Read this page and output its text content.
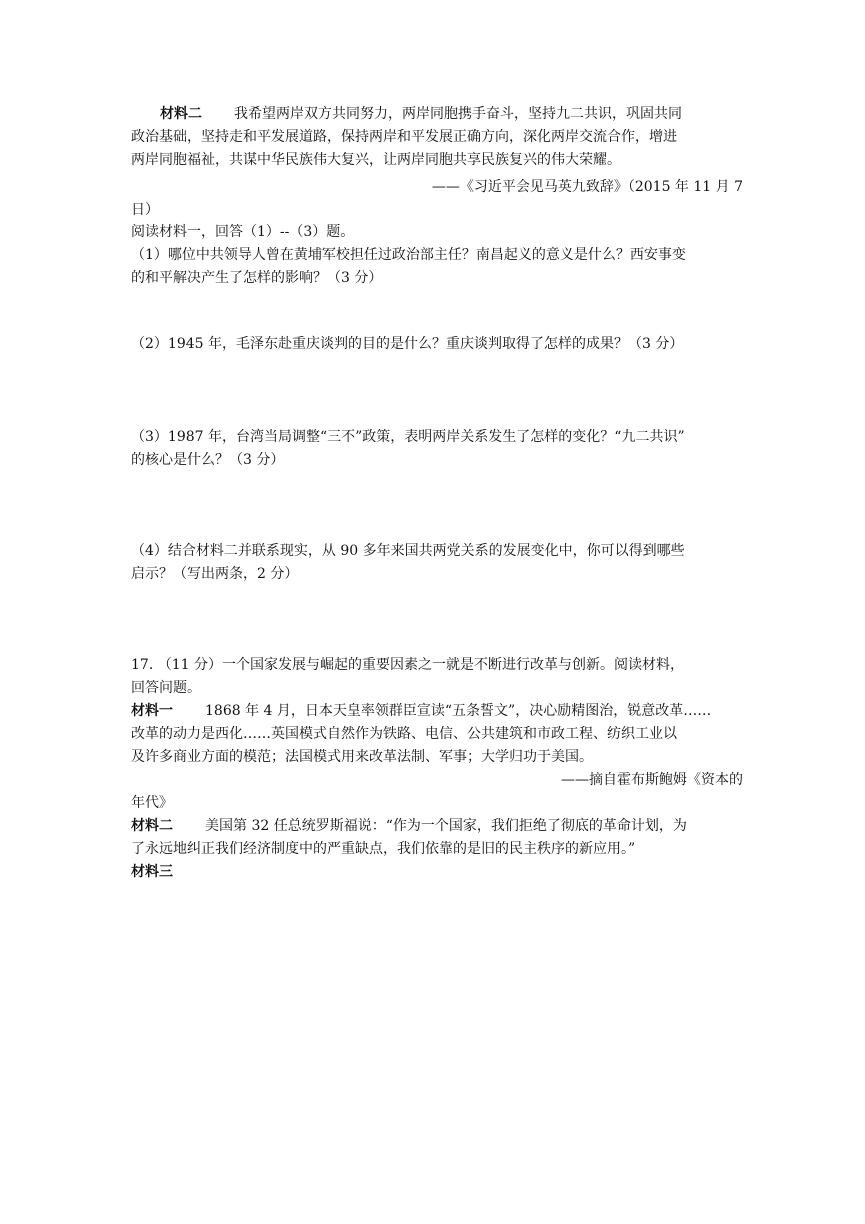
材料二 我希望两岸双方共同努力，两岸同胞携手奋斗，坚持九二共识，巩固共同
政治基础，坚持走和平发展道路，保持两岸和平发展正确方向，深化两岸交流合作，增进
两岸同胞福祉，共谋中华民族伟大复兴，让两岸同胞共享民族复兴的伟大荣耀。
——《习近平会见马英九致辞》（2015 年 11 月 7
日）
阅读材料一，回答（1）--（3）题。
（1）哪位中共领导人曾在黄埔军校担任过政治部主任？南昌起义的意义是什么？西安事变
的和平解决产生了怎样的影响？（3 分）
（2）1945 年，毛泽东赴重庆谈判的目的是什么？重庆谈判取得了怎样的成果？（3 分）
（3）1987 年，台湾当局调整“三不”政策，表明两岸关系发生了怎样的变化？“九二共识”
的核心是什么？（3 分）
（4）结合材料二并联系现实，从 90 多年来国共两党关系的发展变化中，你可以得到哪些
启示？（写出两条，2 分）
17. （11 分）一个国家发展与崛起的重要因素之一就是不断进行改革与创新。阅读材料，
回答问题。
材料一 1868 年 4 月，日本天皇率领群臣宣读“五条誓文”，决心励精图治，锐意改革……
改革的动力是西化……英国模式自然作为铁路、电信、公共建筑和市政工程、纺织工业以
及许多商业方面的模范；法国模式用来改革法制、军事；大学归功于美国。
——摘自霍布斯鲍姆《资本的
年代》
材料二 美国第 32 任总统罗斯福说：“作为一个国家，我们拒绝了彻底的革命计划，为
了永远地纠正我们经济制度中的严重缺点，我们依靠的是旧的民主秩序的新应用。”
材料三
